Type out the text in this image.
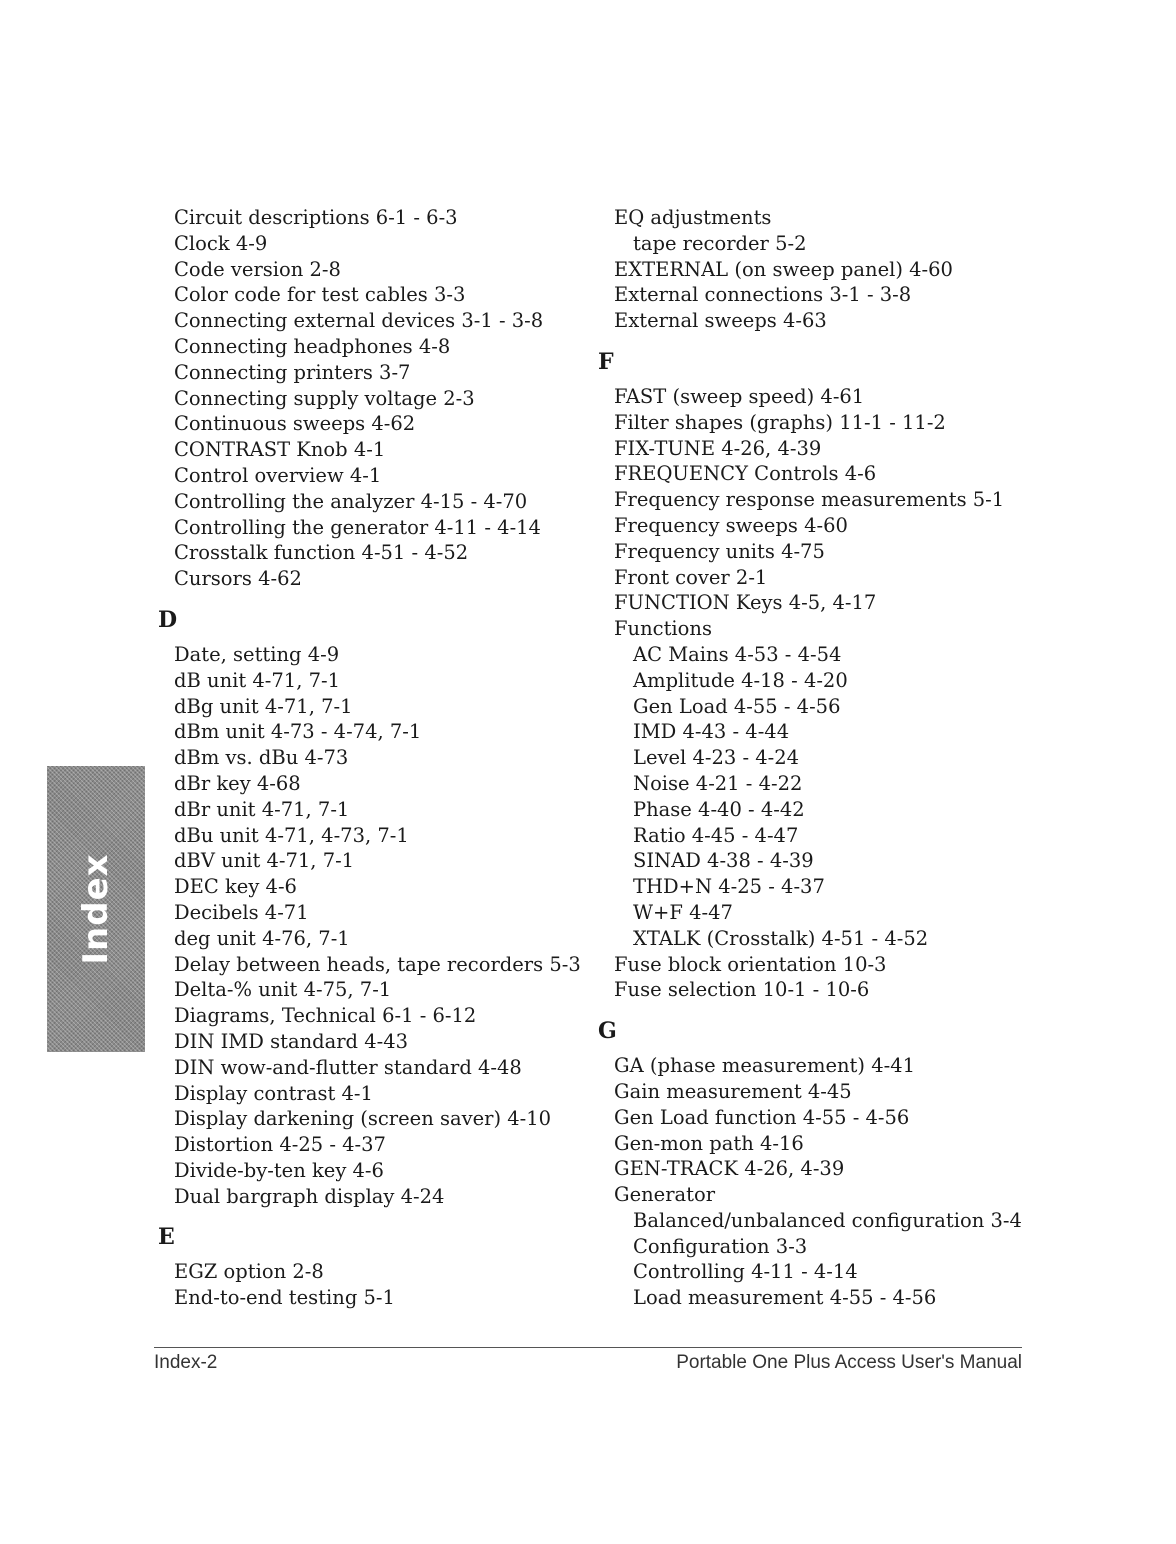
Index
Circuit descriptions 6-1 - 6-3
Clock 4-9
Code version 2-8
Color code for test cables 3-3
Connecting external devices 3-1 - 3-8
Connecting headphones 4-8
Connecting printers 3-7
Connecting supply voltage 2-3
Continuous sweeps 4-62
CONTRAST Knob 4-1
Control overview 4-1
Controlling the analyzer 4-15 - 4-70
Controlling the generator 4-11 - 4-14
Crosstalk function 4-51 - 4-52
Cursors 4-62
D
Date, setting 4-9
dB unit 4-71, 7-1
dBg unit 4-71, 7-1
dBm unit 4-73 - 4-74, 7-1
dBm vs. dBu 4-73
dBr key 4-68
dBr unit 4-71, 7-1
dBu unit 4-71, 4-73, 7-1
dBV unit 4-71, 7-1
DEC key 4-6
Decibels 4-71
deg unit 4-76, 7-1
Delay between heads, tape recorders 5-3
Delta-% unit 4-75, 7-1
Diagrams, Technical 6-1 - 6-12
DIN IMD standard 4-43
DIN wow-and-flutter standard 4-48
Display contrast 4-1
Display darkening (screen saver) 4-10
Distortion 4-25 - 4-37
Divide-by-ten key 4-6
Dual bargraph display 4-24
E
EGZ option 2-8
End-to-end testing 5-1
EQ adjustments
tape recorder 5-2
EXTERNAL (on sweep panel) 4-60
External connections 3-1 - 3-8
External sweeps 4-63
F
FAST (sweep speed) 4-61
Filter shapes (graphs) 11-1 - 11-2
FIX-TUNE 4-26, 4-39
FREQUENCY Controls 4-6
Frequency response measurements 5-1
Frequency sweeps 4-60
Frequency units 4-75
Front cover 2-1
FUNCTION Keys 4-5, 4-17
Functions
AC Mains 4-53 - 4-54
Amplitude 4-18 - 4-20
Gen Load 4-55 - 4-56
IMD 4-43 - 4-44
Level 4-23 - 4-24
Noise 4-21 - 4-22
Phase 4-40 - 4-42
Ratio 4-45 - 4-47
SINAD 4-38 - 4-39
THD+N 4-25 - 4-37
W+F 4-47
XTALK (Crosstalk) 4-51 - 4-52
Fuse block orientation 10-3
Fuse selection 10-1 - 10-6
G
GA (phase measurement) 4-41
Gain measurement 4-45
Gen Load function 4-55 - 4-56
Gen-mon path 4-16
GEN-TRACK 4-26, 4-39
Generator
Balanced/unbalanced configuration 3-4
Configuration 3-3
Controlling 4-11 - 4-14
Load measurement 4-55 - 4-56
Index-2	Portable One Plus Access User's Manual
